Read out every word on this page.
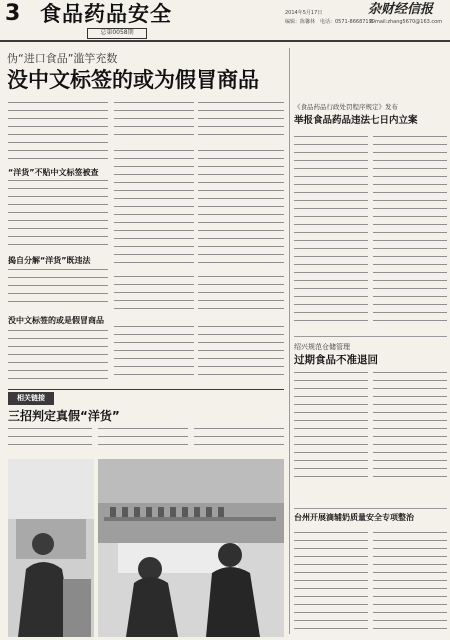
3 食品药品安全
总第0058期
2014年5月17日
编辑：陈馨林 电话：0571-86687190
E-mail:zhang5670@163.com
杂财经信报
伪“进口食品”滥竽充数
没中文标签的或为假冒商品
“洋货”不贴中文标签被查
捣自分解“洋货”既违法
没中文标签的或是假冒商品
相关链接
三招判定真假“洋货”
《食品药品行政处罚程序规定》发布
举报食品药品违法七日内立案
绍兴规范仓储管理
过期食品不准退回
台州开展滴辅奶质量安全专项整治
